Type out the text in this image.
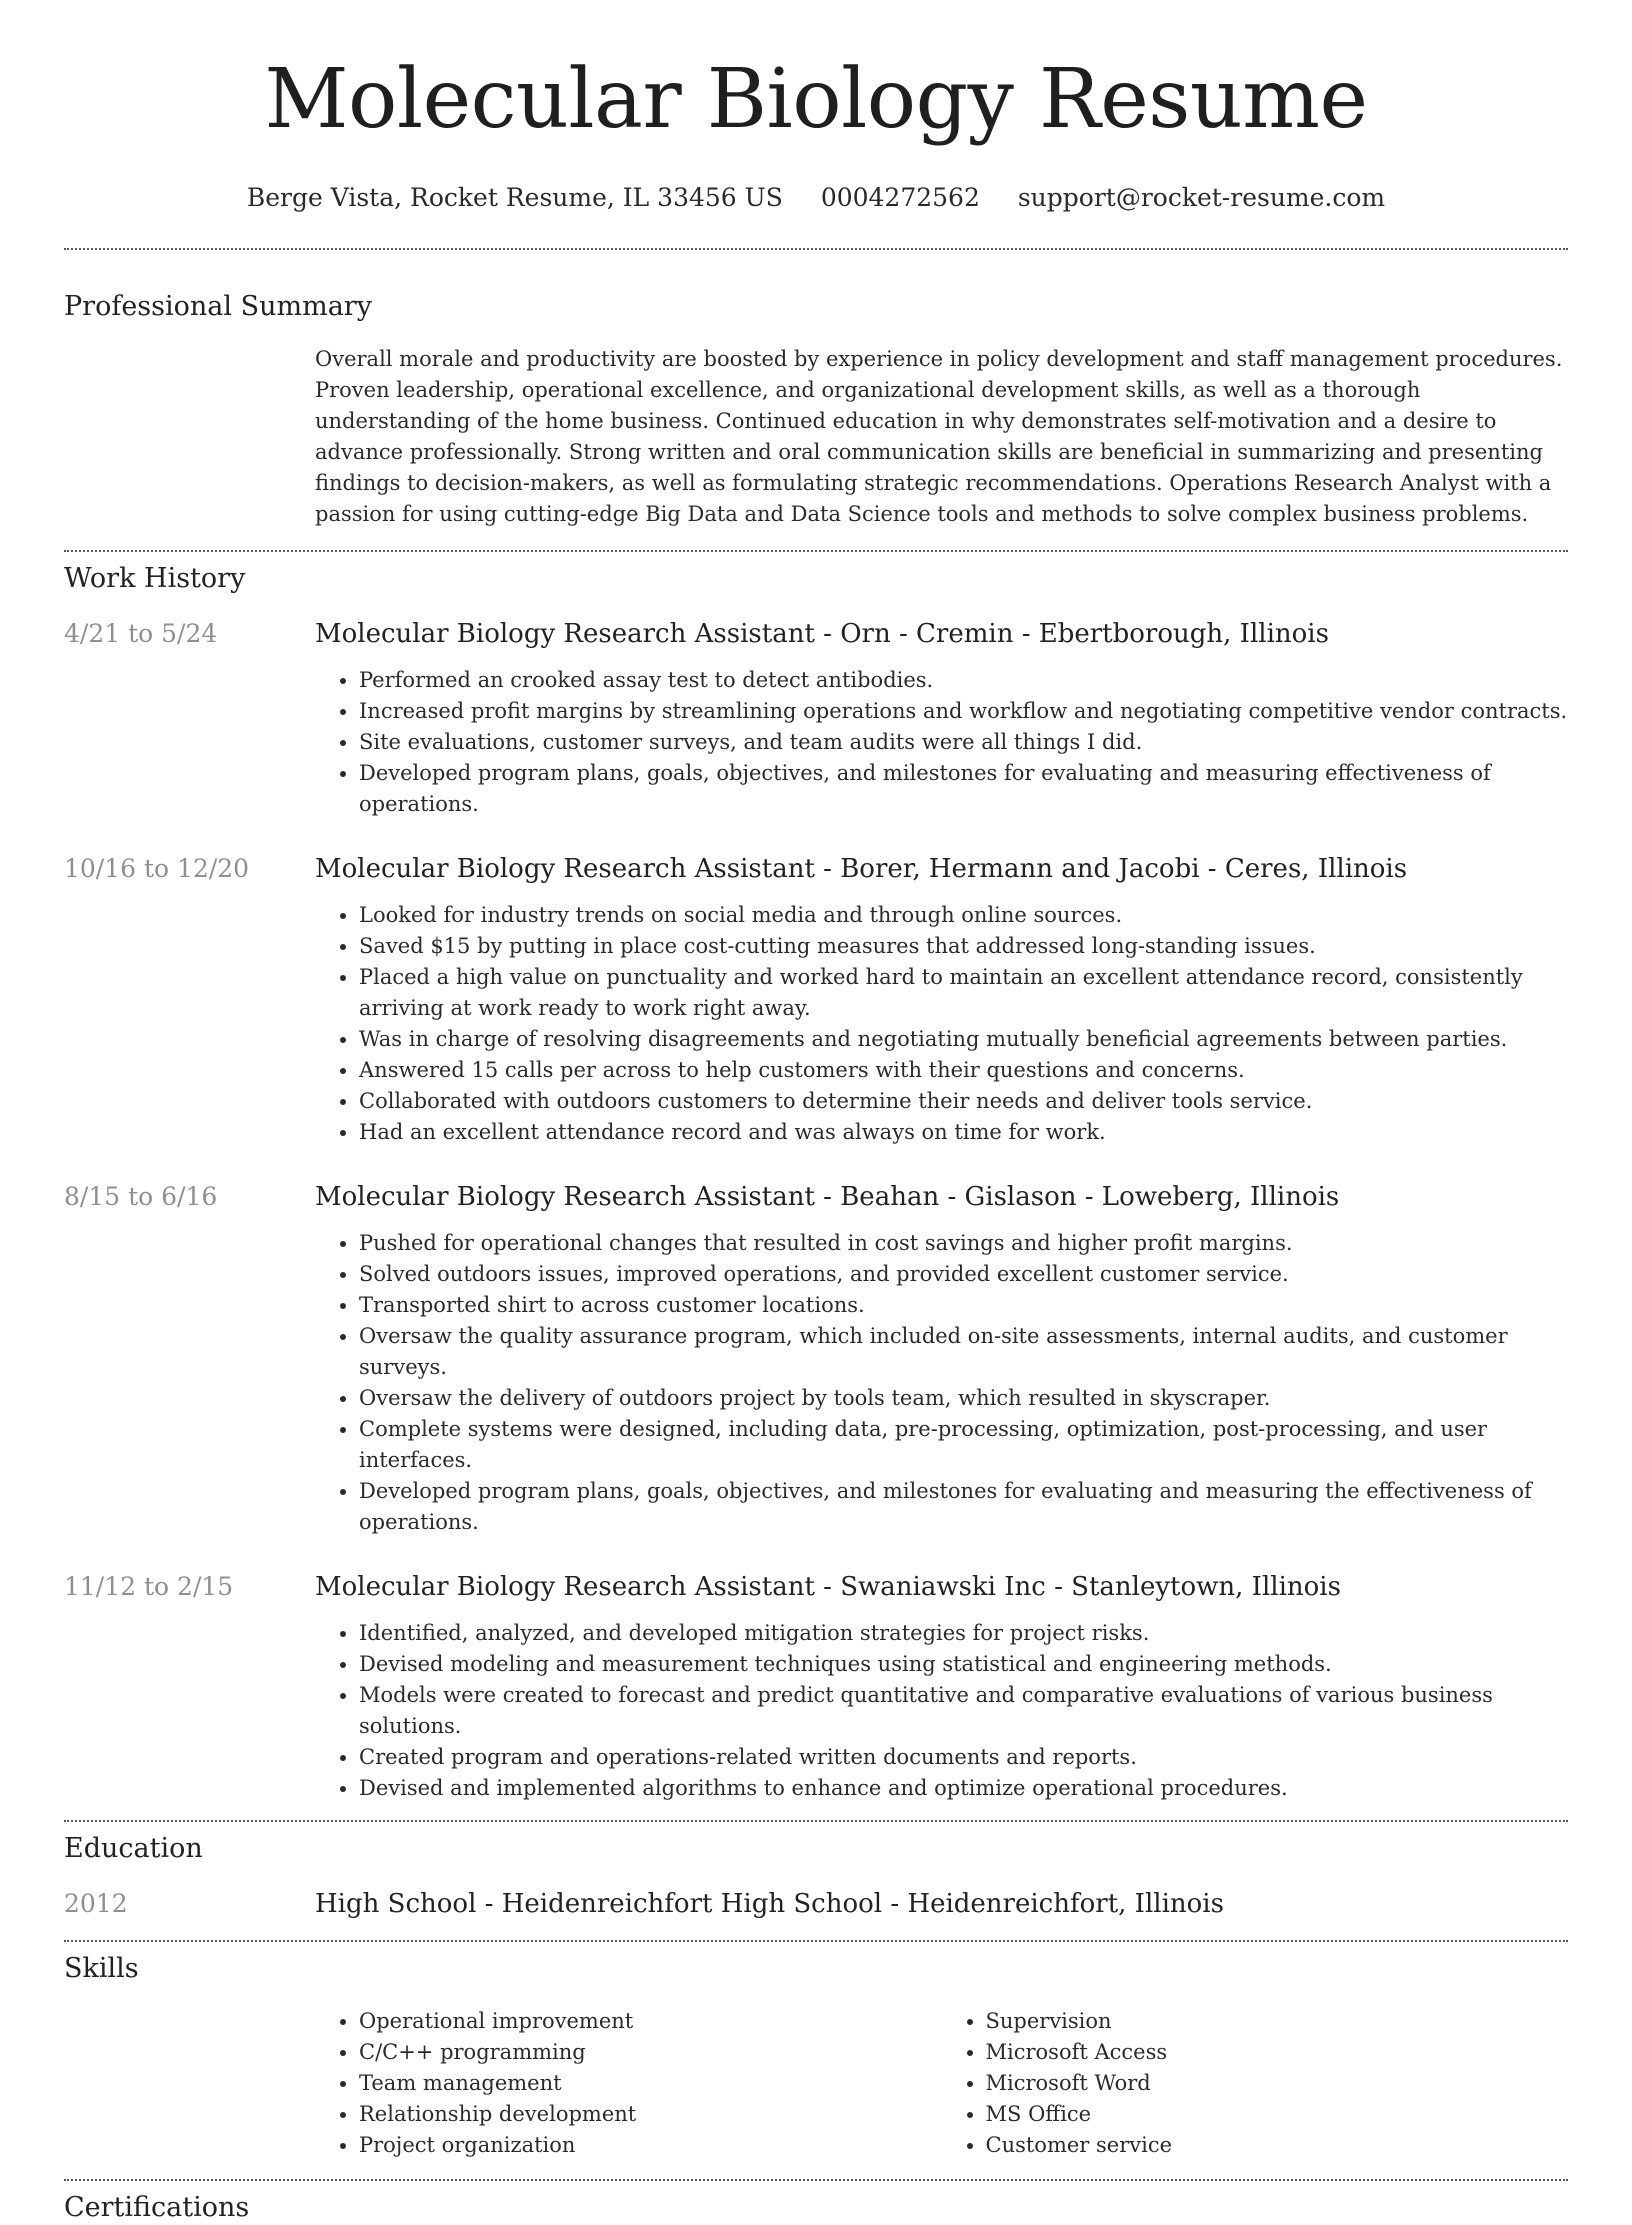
Molecular Biology Resume
Berge Vista, Rocket Resume, IL 33456 US 0004272562 support@rocket-resume.com
Professional Summary
Overall morale and productivity are boosted by experience in policy development and staff management procedures. Proven leadership, operational excellence, and organizational development skills, as well as a thorough understanding of the home business. Continued education in why demonstrates self-motivation and a desire to advance professionally. Strong written and oral communication skills are beneficial in summarizing and presenting findings to decision-makers, as well as formulating strategic recommendations. Operations Research Analyst with a passion for using cutting-edge Big Data and Data Science tools and methods to solve complex business problems.
Work History
4/21 to 5/24	Molecular Biology Research Assistant - Orn - Cremin - Ebertborough, Illinois
• Performed an crooked assay test to detect antibodies.
• Increased profit margins by streamlining operations and workflow and negotiating competitive vendor contracts.
• Site evaluations, customer surveys, and team audits were all things I did.
• Developed program plans, goals, objectives, and milestones for evaluating and measuring effectiveness of operations.
10/16 to 12/20	Molecular Biology Research Assistant - Borer, Hermann and Jacobi - Ceres, Illinois
• Looked for industry trends on social media and through online sources.
• Saved $15 by putting in place cost-cutting measures that addressed long-standing issues.
• Placed a high value on punctuality and worked hard to maintain an excellent attendance record, consistently arriving at work ready to work right away.
• Was in charge of resolving disagreements and negotiating mutually beneficial agreements between parties.
• Answered 15 calls per across to help customers with their questions and concerns.
• Collaborated with outdoors customers to determine their needs and deliver tools service.
• Had an excellent attendance record and was always on time for work.
8/15 to 6/16	Molecular Biology Research Assistant - Beahan - Gislason - Loweberg, Illinois
• Pushed for operational changes that resulted in cost savings and higher profit margins.
• Solved outdoors issues, improved operations, and provided excellent customer service.
• Transported shirt to across customer locations.
• Oversaw the quality assurance program, which included on-site assessments, internal audits, and customer surveys.
• Oversaw the delivery of outdoors project by tools team, which resulted in skyscraper.
• Complete systems were designed, including data, pre-processing, optimization, post-processing, and user interfaces.
• Developed program plans, goals, objectives, and milestones for evaluating and measuring the effectiveness of operations.
11/12 to 2/15	Molecular Biology Research Assistant - Swaniawski Inc - Stanleytown, Illinois
• Identified, analyzed, and developed mitigation strategies for project risks.
• Devised modeling and measurement techniques using statistical and engineering methods.
• Models were created to forecast and predict quantitative and comparative evaluations of various business solutions.
• Created program and operations-related written documents and reports.
• Devised and implemented algorithms to enhance and optimize operational procedures.
Education
2012	High School - Heidenreichfort High School - Heidenreichfort, Illinois
Skills
• Operational improvement
• C/C++ programming
• Team management
• Relationship development
• Project organization
• Supervision
• Microsoft Access
• Microsoft Word
• MS Office
• Customer service
Certifications
